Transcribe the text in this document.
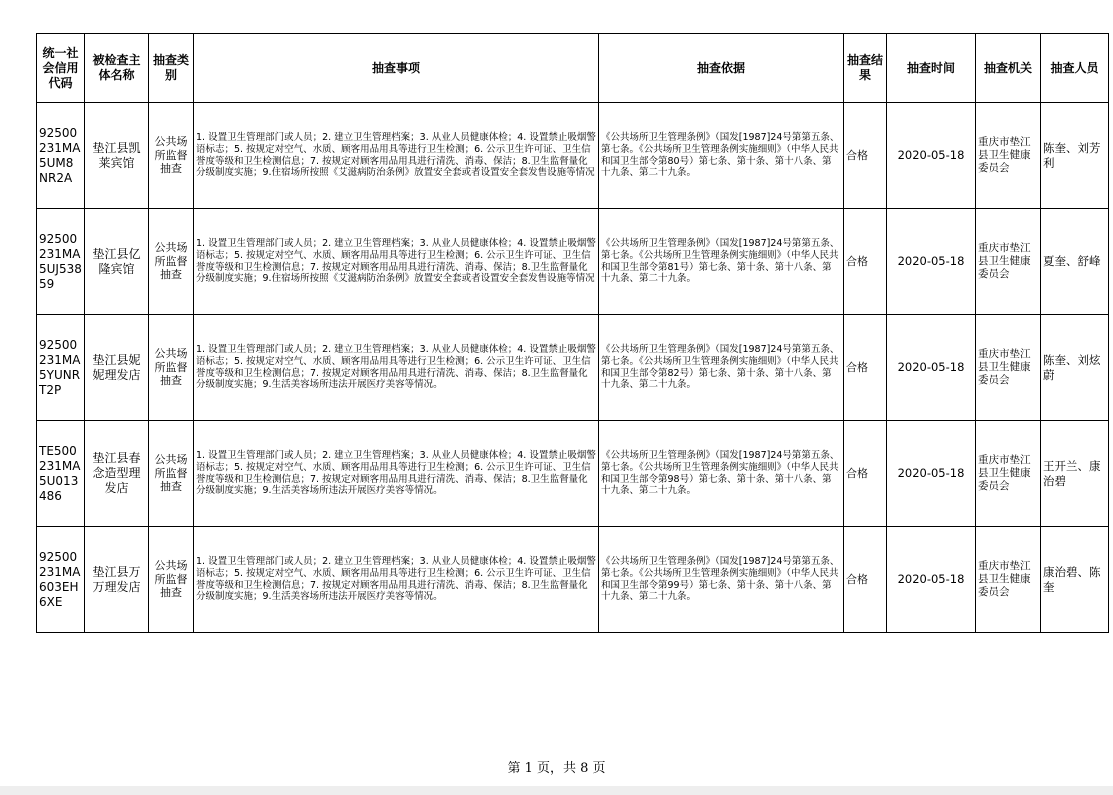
统一社会信用代码	被检查主体名称	抽查类别	抽查事项	抽查依据	抽查结果	抽查时间	抽查机关	抽查人员
92500231MA5UM8NR2A	垫江县凯莱宾馆	公共场所监督抽查	1. 设置卫生管理部门或人员；2. 建立卫生管理档案；3. 从业人员健康体检；4. 设置禁止吸烟警语标志；5. 按规定对空气、水质、顾客用品用具等进行卫生检测；6. 公示卫生许可证、卫生信誉度等级和卫生检测信息；7. 按规定对顾客用品用具进行清洗、消毒、保洁；8.卫生监督量化分级制度实施；9.住宿场所按照《艾滋病防治条例》放置安全套或者设置安全套发售设施等情况	《公共场所卫生管理条例》（国发[1987]24号第第五条、第七条。《公共场所卫生管理条例实施细则》（中华人民共和国卫生部令第80号）第七条、第十条、第十八条、第十九条、第二十九条。	合格	2020-05-18	重庆市垫江县卫生健康委员会	陈奎、刘芳利
92500231MA5UJ53859	垫江县亿隆宾馆	公共场所监督抽查	1. 设置卫生管理部门或人员；2. 建立卫生管理档案；3. 从业人员健康体检；4. 设置禁止吸烟警语标志；5. 按规定对空气、水质、顾客用品用具等进行卫生检测；6. 公示卫生许可证、卫生信誉度等级和卫生检测信息；7. 按规定对顾客用品用具进行清洗、消毒、保洁；8.卫生监督量化分级制度实施；9.住宿场所按照《艾滋病防治条例》放置安全套或者设置安全套发售设施等情况	《公共场所卫生管理条例》（国发[1987]24号第第五条、第七条。《公共场所卫生管理条例实施细则》（中华人民共和国卫生部令第81号）第七条、第十条、第十八条、第十九条、第二十九条。	合格	2020-05-18	重庆市垫江县卫生健康委员会	夏奎、舒峰
92500231MA5YUNRT2P	垫江县妮妮理发店	公共场所监督抽查	1. 设置卫生管理部门或人员；2. 建立卫生管理档案；3. 从业人员健康体检；4. 设置禁止吸烟警语标志；5. 按规定对空气、水质、顾客用品用具等进行卫生检测；6. 公示卫生许可证、卫生信誉度等级和卫生检测信息；7. 按规定对顾客用品用具进行清洗、消毒、保洁；8.卫生监督量化分级制度实施；9.生活美容场所违法开展医疗美容等情况。	《公共场所卫生管理条例》（国发[1987]24号第第五条、第七条。《公共场所卫生管理条例实施细则》（中华人民共和国卫生部令第82号）第七条、第十条、第十八条、第十九条、第二十九条。	合格	2020-05-18	重庆市垫江县卫生健康委员会	陈奎、刘炫蔚
TE500231MA5U013486	垫江县春念造型理发店	公共场所监督抽查	1. 设置卫生管理部门或人员；2. 建立卫生管理档案；3. 从业人员健康体检；4. 设置禁止吸烟警语标志；5. 按规定对空气、水质、顾客用品用具等进行卫生检测；6. 公示卫生许可证、卫生信誉度等级和卫生检测信息；7. 按规定对顾客用品用具进行清洗、消毒、保洁；8.卫生监督量化分级制度实施；9.生活美容场所违法开展医疗美容等情况。	《公共场所卫生管理条例》（国发[1987]24号第第五条、第七条。《公共场所卫生管理条例实施细则》（中华人民共和国卫生部令第98号）第七条、第十条、第十八条、第十九条、第二十九条。	合格	2020-05-18	重庆市垫江县卫生健康委员会	王开兰、康治碧
92500231MA603EH6XE	垫江县万万理发店	公共场所监督抽查	1. 设置卫生管理部门或人员；2. 建立卫生管理档案；3. 从业人员健康体检；4. 设置禁止吸烟警语标志；5. 按规定对空气、水质、顾客用品用具等进行卫生检测；6. 公示卫生许可证、卫生信誉度等级和卫生检测信息；7. 按规定对顾客用品用具进行清洗、消毒、保洁；8.卫生监督量化分级制度实施；9.生活美容场所违法开展医疗美容等情况。	《公共场所卫生管理条例》（国发[1987]24号第第五条、第七条。《公共场所卫生管理条例实施细则》（中华人民共和国卫生部令第99号）第七条、第十条、第十八条、第十九条、第二十九条。	合格	2020-05-18	重庆市垫江县卫生健康委员会	康治碧、陈奎
第 1 页，共 8 页
